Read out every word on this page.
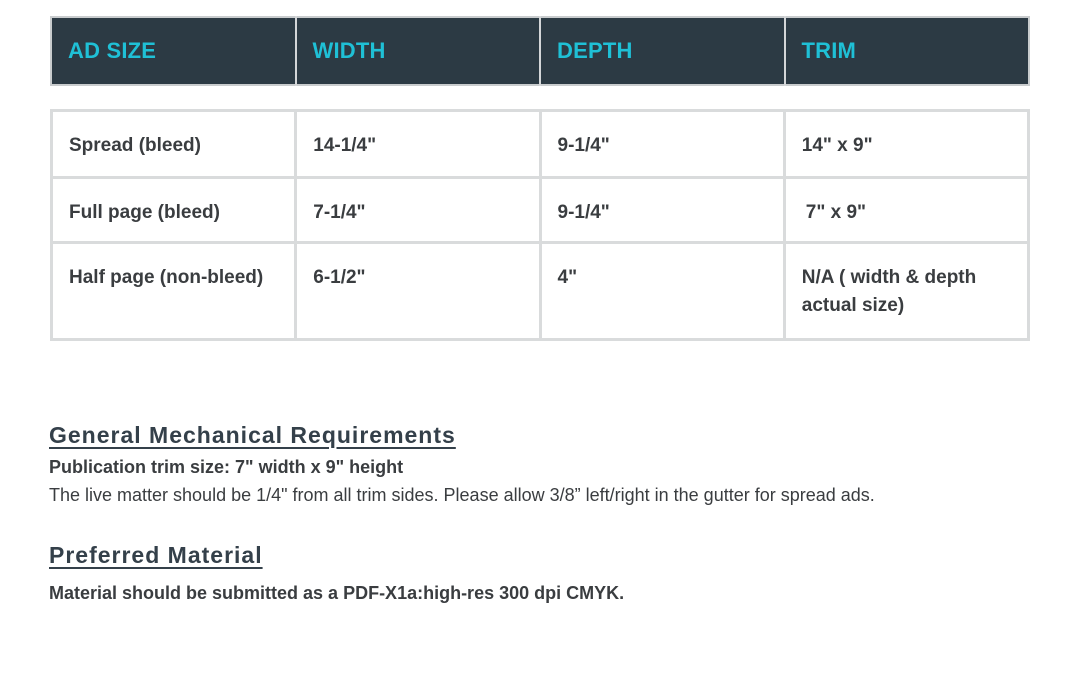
AD SIZE	WIDTH	DEPTH	TRIM
Spread (bleed)	14-1/4"	9-1/4"	14" x 9"
Full page (bleed)	7-1/4"	9-1/4"	7" x 9"
Half page (non-bleed)	6-1/2"	4"	N/A ( width & depth actual size)

General Mechanical Requirements

Publication trim size: 7" width x 9" height

The live matter should be 1/4" from all trim sides. Please allow 3/8” left/right in the gutter for spread ads.

Preferred Material

Material should be submitted as a PDF-X1a:high-res 300 dpi CMYK.
